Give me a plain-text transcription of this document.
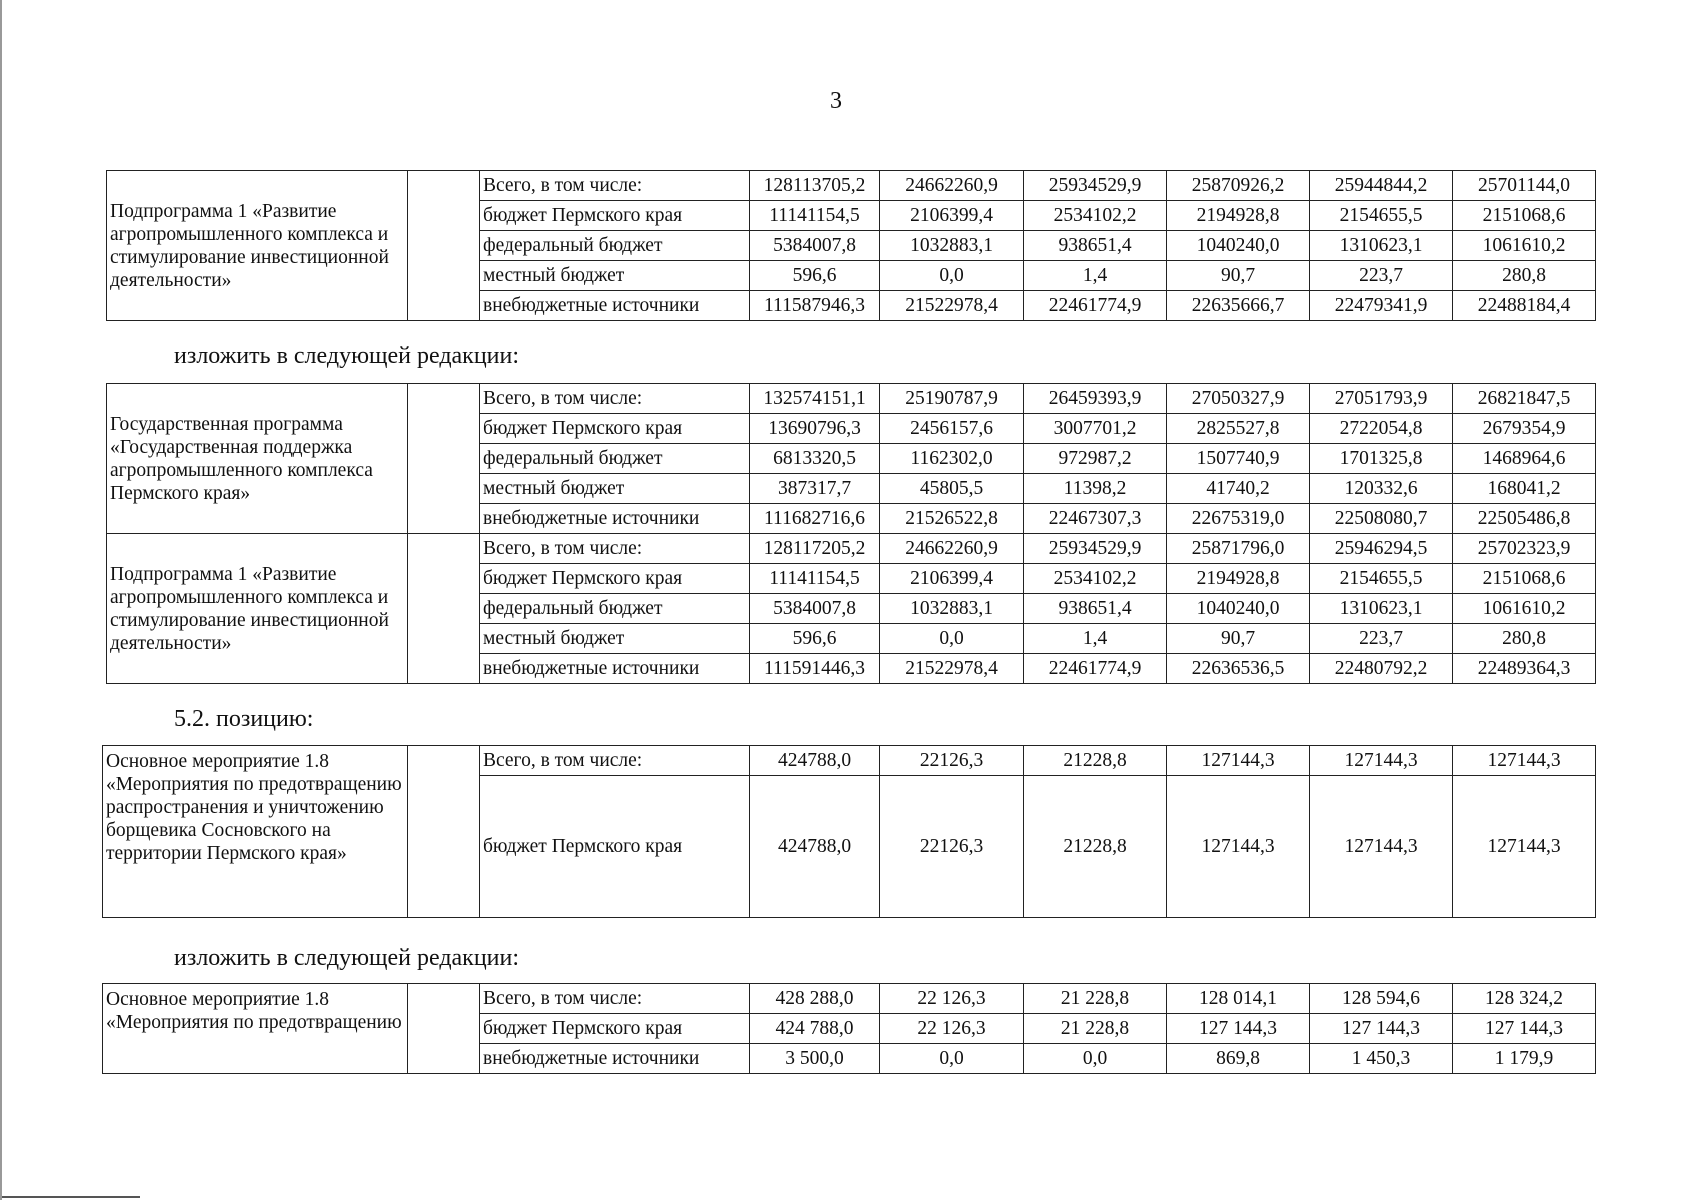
3
Подпрограмма 1 «Развитие агропромышленного комплекса и стимулирование инвестиционной деятельности»		Всего, в том числе:	128113705,2	24662260,9	25934529,9	25870926,2	25944844,2	25701144,0
		бюджет Пермского края	11141154,5	2106399,4	2534102,2	2194928,8	2154655,5	2151068,6
		федеральный бюджет	5384007,8	1032883,1	938651,4	1040240,0	1310623,1	1061610,2
		местный бюджет	596,6	0,0	1,4	90,7	223,7	280,8
		внебюджетные источники	111587946,3	21522978,4	22461774,9	22635666,7	22479341,9	22488184,4
изложить в следующей редакции:
Государственная программа «Государственная поддержка агропромышленного комплекса Пермского края»		Всего, в том числе:	132574151,1	25190787,9	26459393,9	27050327,9	27051793,9	26821847,5
		бюджет Пермского края	13690796,3	2456157,6	3007701,2	2825527,8	2722054,8	2679354,9
		федеральный бюджет	6813320,5	1162302,0	972987,2	1507740,9	1701325,8	1468964,6
		местный бюджет	387317,7	45805,5	11398,2	41740,2	120332,6	168041,2
		внебюджетные источники	111682716,6	21526522,8	22467307,3	22675319,0	22508080,7	22505486,8
Подпрограмма 1 «Развитие агропромышленного комплекса и стимулирование инвестиционной деятельности»		Всего, в том числе:	128117205,2	24662260,9	25934529,9	25871796,0	25946294,5	25702323,9
		бюджет Пермского края	11141154,5	2106399,4	2534102,2	2194928,8	2154655,5	2151068,6
		федеральный бюджет	5384007,8	1032883,1	938651,4	1040240,0	1310623,1	1061610,2
		местный бюджет	596,6	0,0	1,4	90,7	223,7	280,8
		внебюджетные источники	111591446,3	21522978,4	22461774,9	22636536,5	22480792,2	22489364,3
5.2. позицию:
Основное мероприятие 1.8 «Мероприятия по предотвращению распространения и уничтожению борщевика Сосновского на территории Пермского края»		Всего, в том числе:	424788,0	22126,3	21228,8	127144,3	127144,3	127144,3
		бюджет Пермского края	424788,0	22126,3	21228,8	127144,3	127144,3	127144,3
изложить в следующей редакции:
Основное мероприятие 1.8 «Мероприятия по предотвращению		Всего, в том числе:	428 288,0	22 126,3	21 228,8	128 014,1	128 594,6	128 324,2
		бюджет Пермского края	424 788,0	22 126,3	21 228,8	127 144,3	127 144,3	127 144,3
		внебюджетные источники	3 500,0	0,0	0,0	869,8	1 450,3	1 179,9
